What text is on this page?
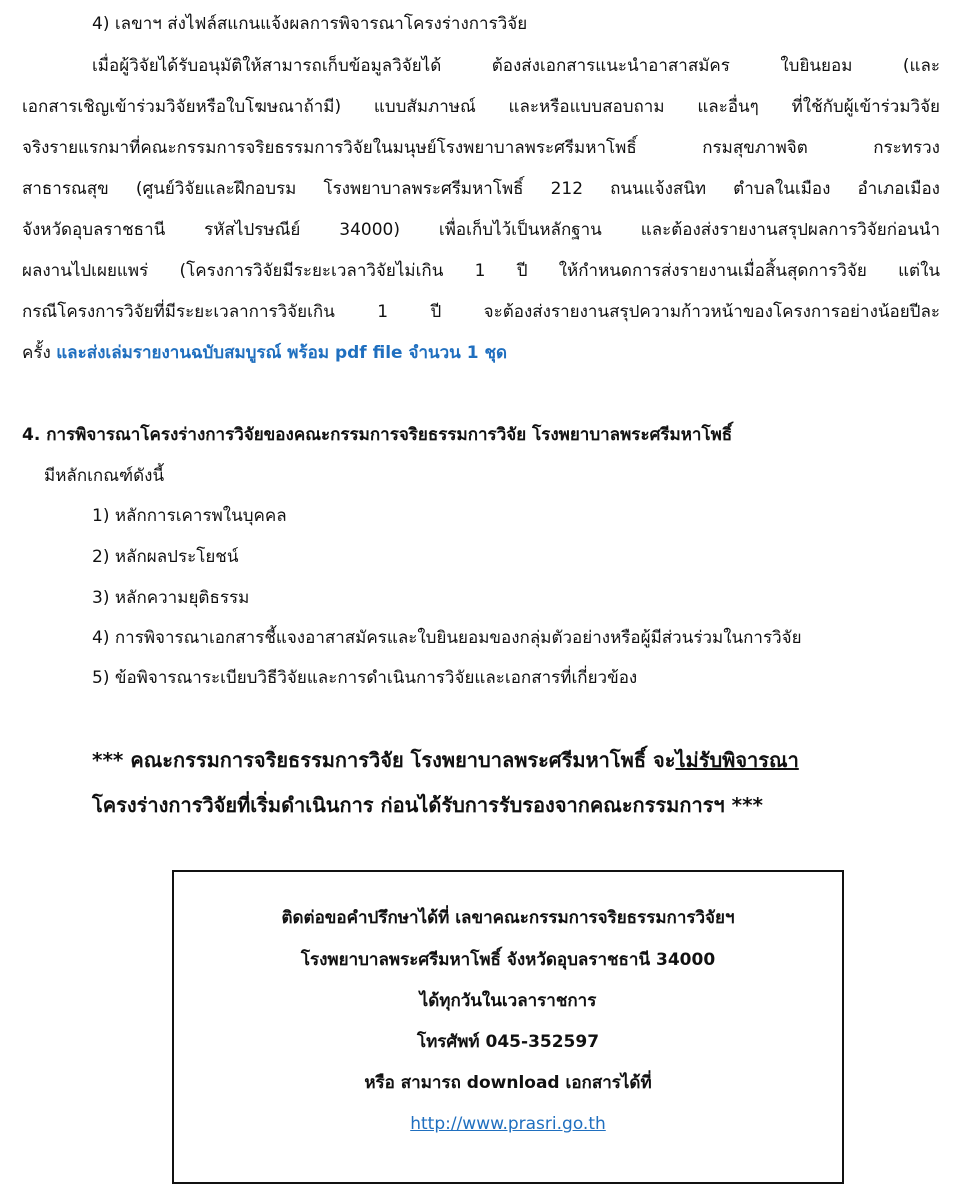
4) เลขาฯ ส่งไฟล์สแกนแจ้งผลการพิจารณาโครงร่างการวิจัย
เมื่อผู้วิจัยได้รับอนุมัติให้สามารถเก็บข้อมูลวิจัยได้ ต้องส่งเอกสารแนะนำอาสาสมัคร ใบยินยอม (และ
เอกสารเชิญเข้าร่วมวิจัยหรือใบโฆษณาถ้ามี) แบบสัมภาษณ์ และหรือแบบสอบถาม และอื่นๆ ที่ใช้กับผู้เข้าร่วมวิจัย
จริงรายแรกมาที่คณะกรรมการจริยธรรมการวิจัยในมนุษย์โรงพยาบาลพระศรีมหาโพธิ์ กรมสุขภาพจิต กระทรวง
สาธารณสุข (ศูนย์วิจัยและฝึกอบรม โรงพยาบาลพระศรีมหาโพธิ์ 212 ถนนแจ้งสนิท ตำบลในเมือง อำเภอเมือง
จังหวัดอุบลราชธานี รหัสไปรษณีย์ 34000) เพื่อเก็บไว้เป็นหลักฐาน และต้องส่งรายงานสรุปผลการวิจัยก่อนนำ
ผลงานไปเผยแพร่ (โครงการวิจัยมีระยะเวลาวิจัยไม่เกิน 1 ปี ให้กำหนดการส่งรายงานเมื่อสิ้นสุดการวิจัย แต่ใน
กรณีโครงการวิจัยที่มีระยะเวลาการวิจัยเกิน 1 ปี จะต้องส่งรายงานสรุปความก้าวหน้าของโครงการอย่างน้อยปีละ
ครั้ง และส่งเล่มรายงานฉบับสมบูรณ์ พร้อม pdf file จำนวน 1 ชุด
4. การพิจารณาโครงร่างการวิจัยของคณะกรรมการจริยธรรมการวิจัย โรงพยาบาลพระศรีมหาโพธิ์
มีหลักเกณฑ์ดังนี้
1) หลักการเคารพในบุคคล
2) หลักผลประโยชน์
3) หลักความยุติธรรม
4) การพิจารณาเอกสารชี้แจงอาสาสมัครและใบยินยอมของกลุ่มตัวอย่างหรือผู้มีส่วนร่วมในการวิจัย
5) ข้อพิจารณาระเบียบวิธีวิจัยและการดำเนินการวิจัยและเอกสารที่เกี่ยวข้อง
*** คณะกรรมการจริยธรรมการวิจัย โรงพยาบาลพระศรีมหาโพธิ์ จะไม่รับพิจารณา
โครงร่างการวิจัยที่เริ่มดำเนินการ ก่อนได้รับการรับรองจากคณะกรรมการฯ ***
ติดต่อขอคำปรึกษาได้ที่ เลขาคณะกรรมการจริยธรรมการวิจัยฯ
โรงพยาบาลพระศรีมหาโพธิ์ จังหวัดอุบลราชธานี 34000
ได้ทุกวันในเวลาราชการ
โทรศัพท์ 045-352597
หรือ สามารถ download เอกสารได้ที่
http://www.prasri.go.th
